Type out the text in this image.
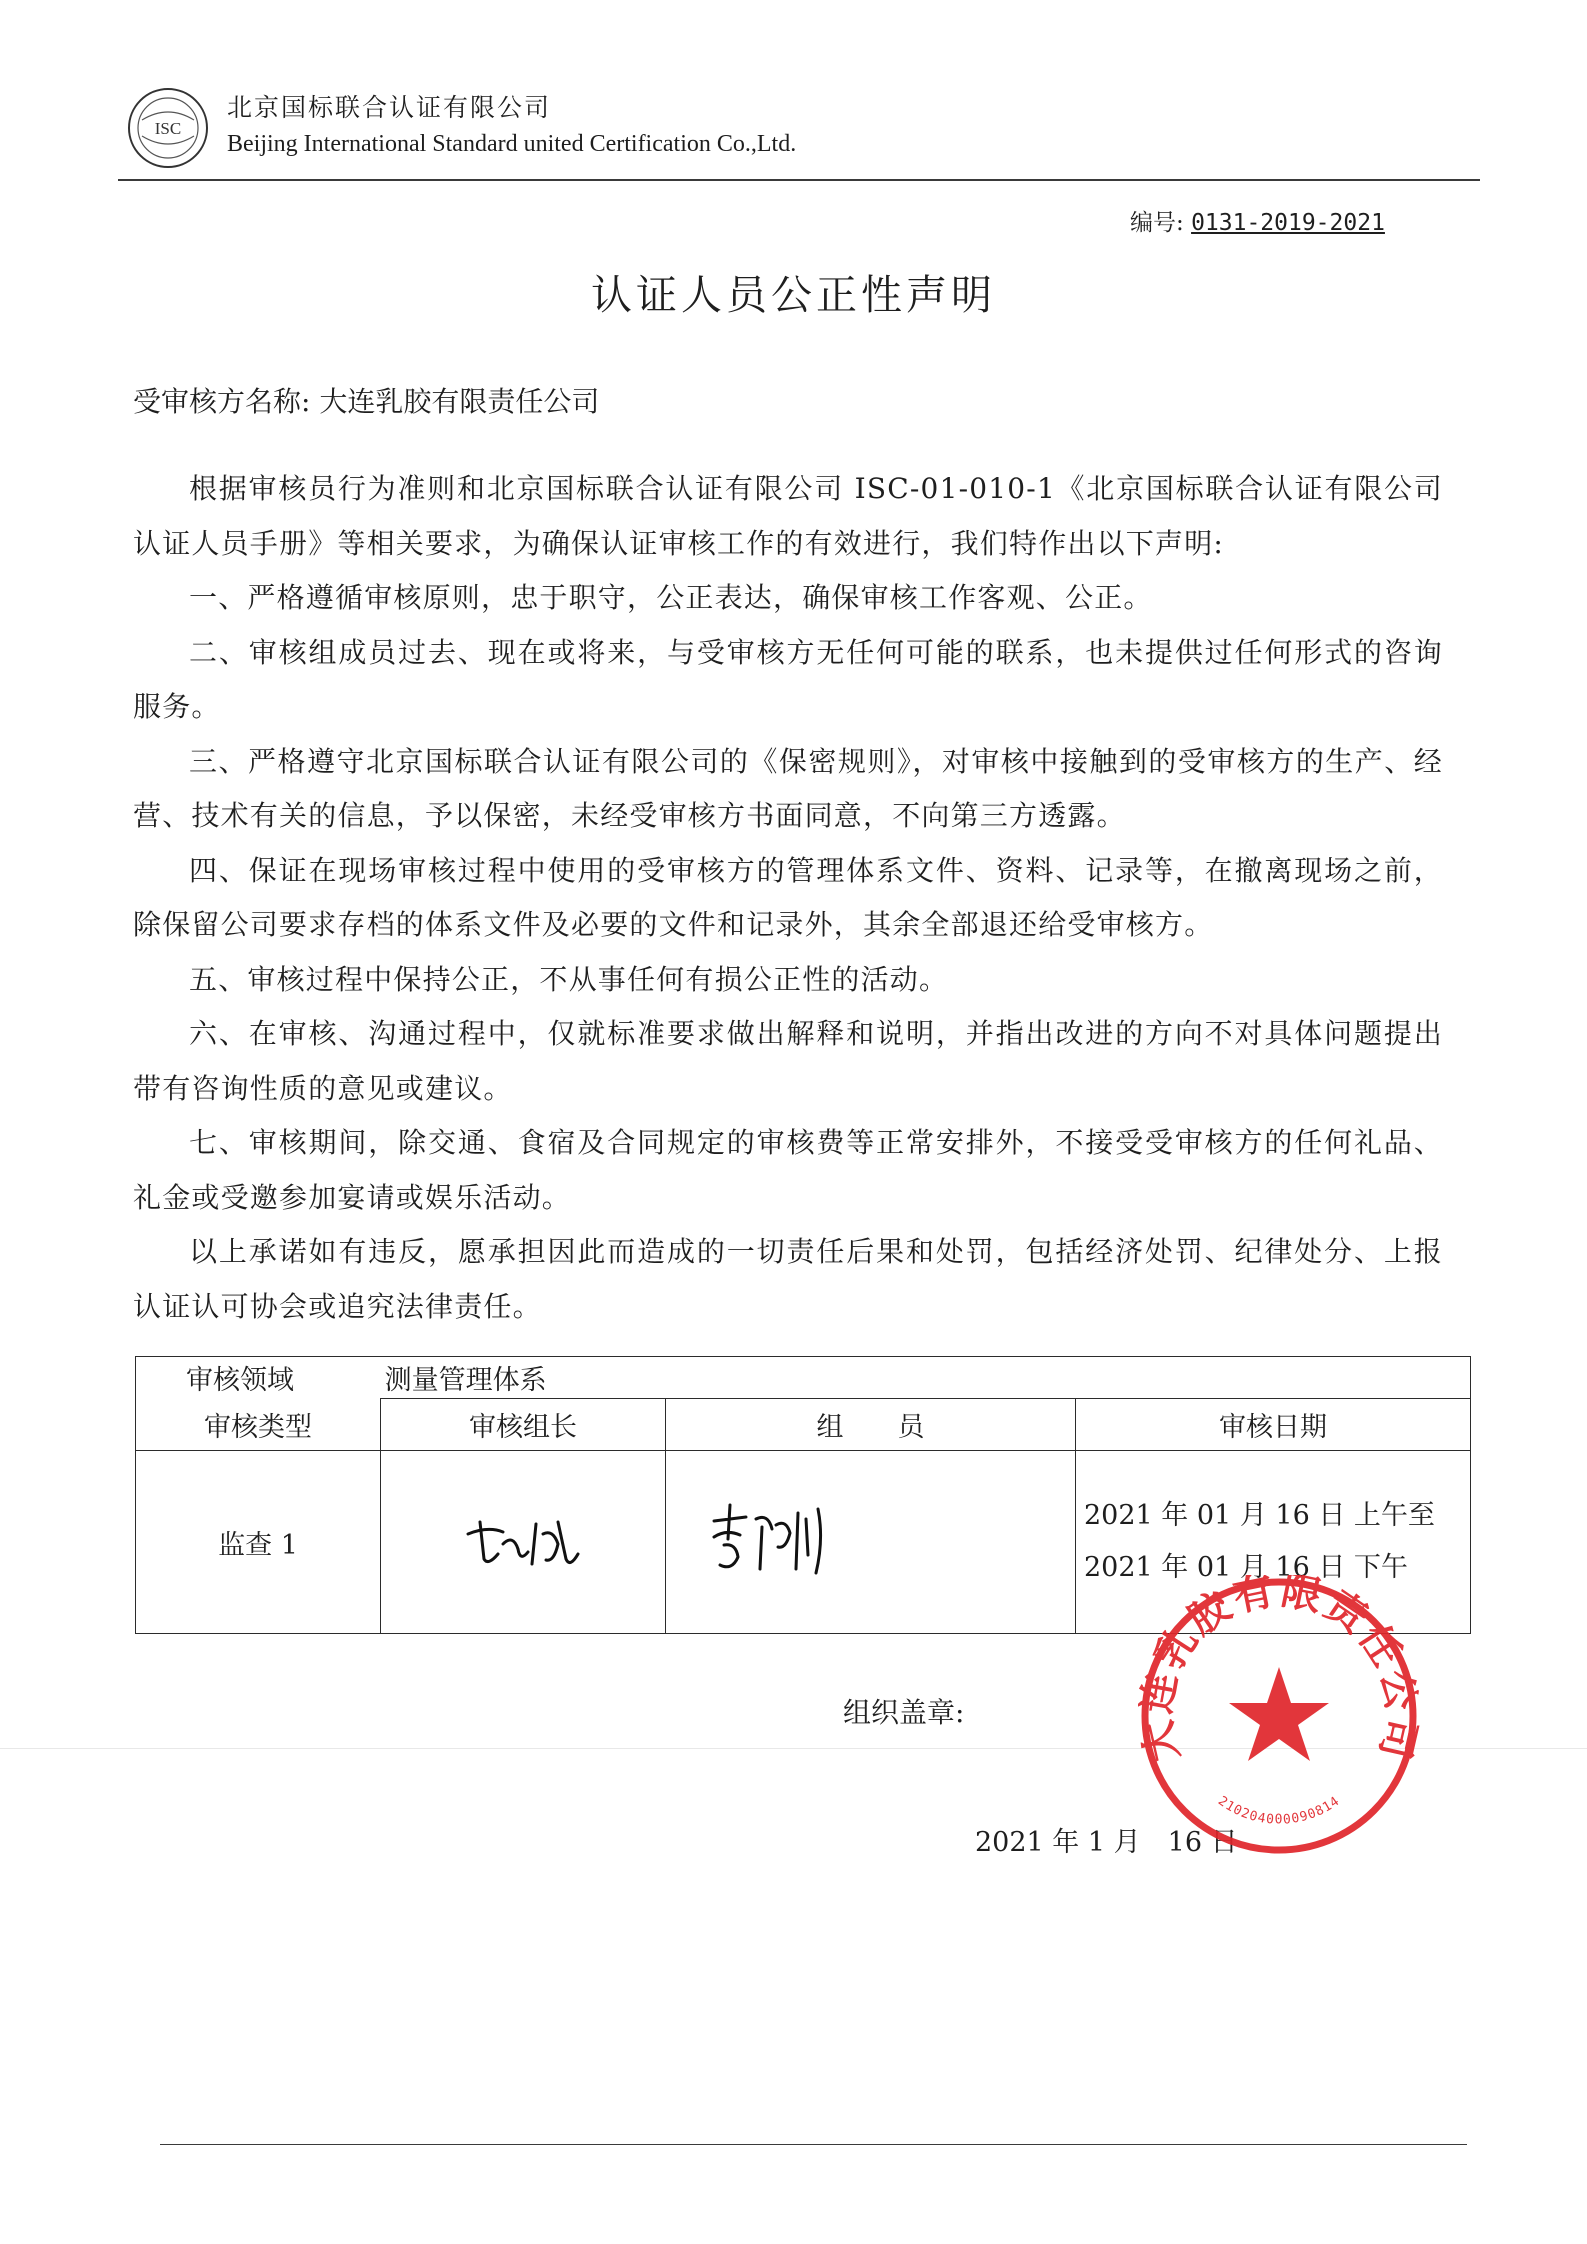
ISC
北京国标联合认证有限公司
Beijing International Standard united Certification Co.,Ltd.
编号: 0131-2019-2021
认证人员公正性声明
受审核方名称: 大连乳胶有限责任公司

根据审核员行为准则和北京国标联合认证有限公司 ISC-01-010-1《北京国标联合认证有限公司认证人员手册》等相关要求，为确保认证审核工作的有效进行，我们特作出以下声明:

一、严格遵循审核原则，忠于职守，公正表达，确保审核工作客观、公正。

二、审核组成员过去、现在或将来，与受审核方无任何可能的联系，也未提供过任何形式的咨询服务。

三、严格遵守北京国标联合认证有限公司的《保密规则》，对审核中接触到的受审核方的生产、经营、技术有关的信息，予以保密，未经受审核方书面同意，不向第三方透露。

四、保证在现场审核过程中使用的受审核方的管理体系文件、资料、记录等，在撤离现场之前，除保留公司要求存档的体系文件及必要的文件和记录外，其余全部退还给受审核方。

五、审核过程中保持公正，不从事任何有损公正性的活动。

六、在审核、沟通过程中，仅就标准要求做出解释和说明，并指出改进的方向不对具体问题提出带有咨询性质的意见或建议。

七、审核期间，除交通、食宿及合同规定的审核费等正常安排外，不接受受审核方的任何礼品、礼金或受邀参加宴请或娱乐活动。

以上承诺如有违反，愿承担因此而造成的一切责任后果和处罚，包括经济处罚、纪律处分、上报认证认可协会或追究法律责任。

审核领域 测量管理体系			
审核类型	审核组长	组　　员	审核日期
监查 1			2021 年 01 月 16 日 上午至
2021 年 01 月 16 日 下午
组织盖章:
2021 年 1 月　16 日
大连乳胶有限责任公司
2102040000908​14
